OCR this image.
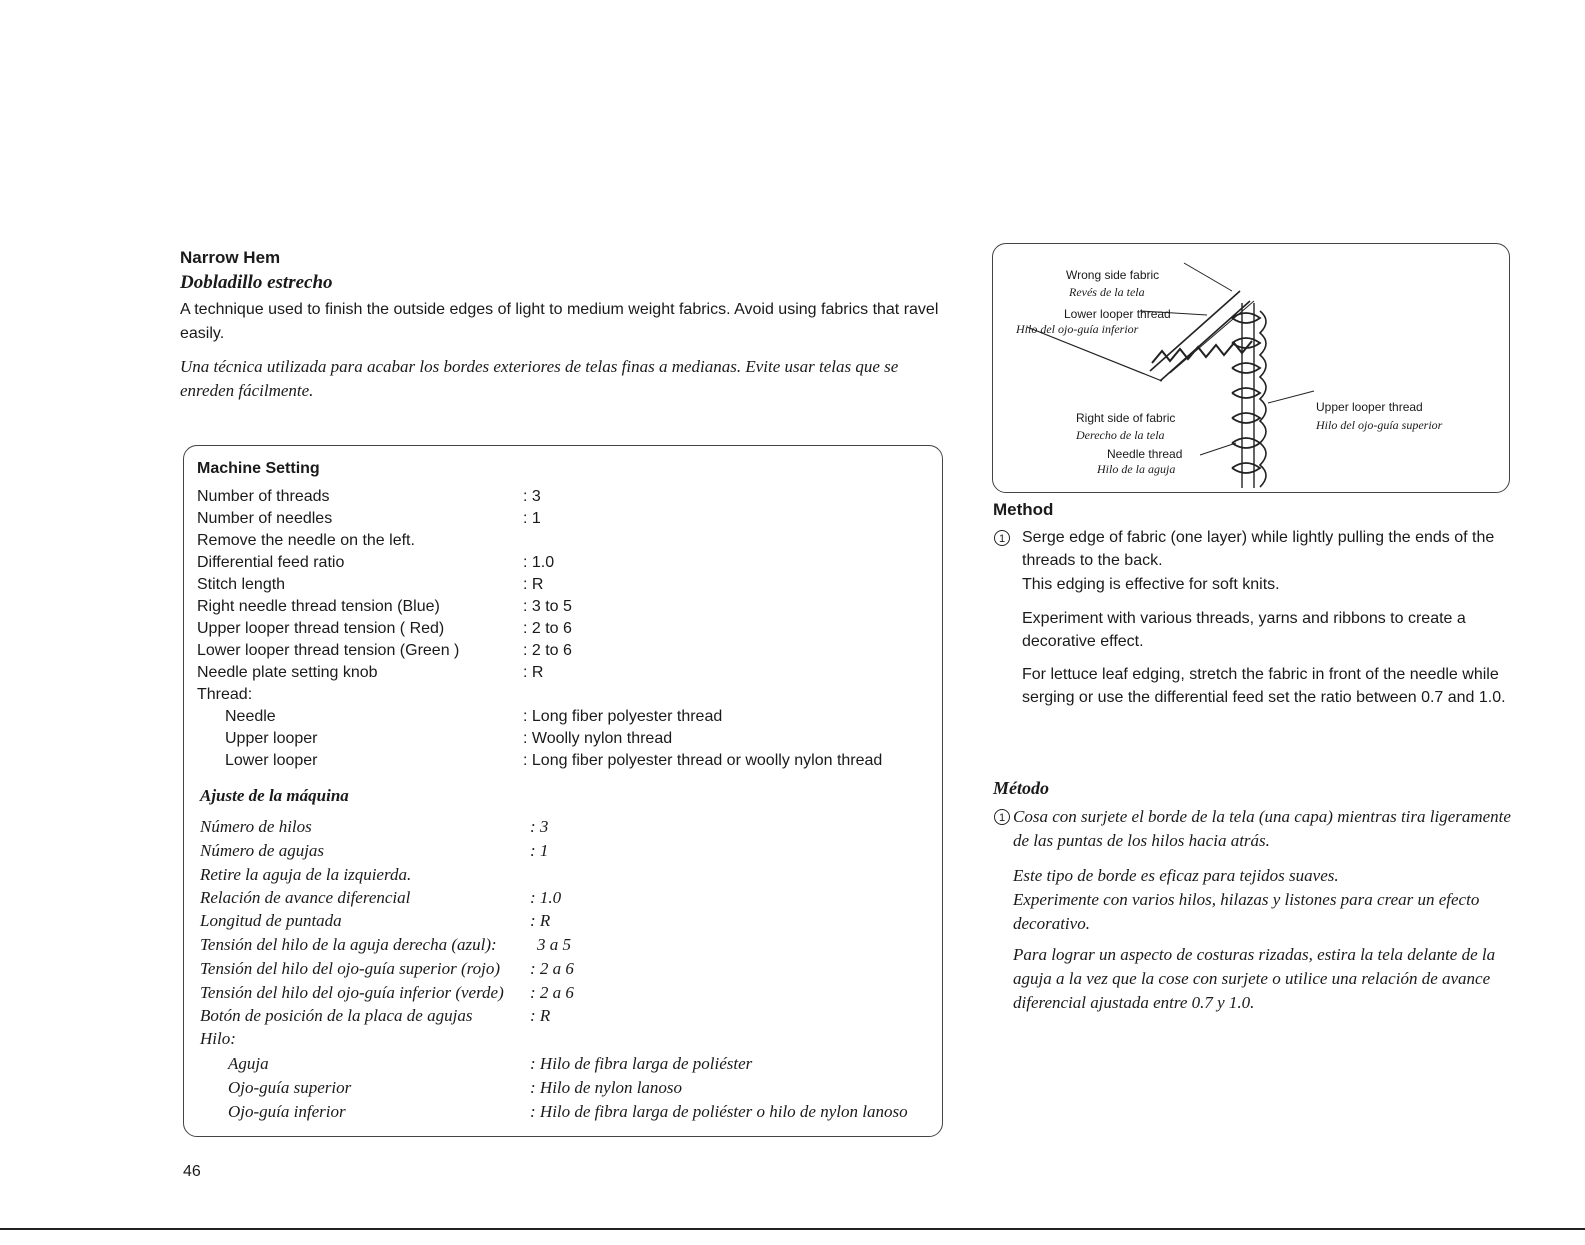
Narrow Hem
Dobladillo estrecho
A technique used to finish the outside edges of light to medium weight fabrics. Avoid using fabrics that ravel easily.
Una técnica utilizada para acabar los bordes exteriores de telas finas a medianas. Evite usar telas que se enreden fácilmente.
Machine Setting
Number of threads	: 3
Number of needles	: 1
Remove the needle on the left.
Differential feed ratio	: 1.0
Stitch length	: R
Right needle thread tension (Blue)	: 3 to 5
Upper looper thread tension ( Red)	: 2 to 6
Lower looper thread tension (Green )	: 2 to 6
Needle plate setting knob	: R
Thread:
Needle	: Long fiber polyester thread
Upper looper	: Woolly nylon thread
Lower looper	: Long fiber polyester thread or woolly nylon thread
Ajuste de la máquina
Número de hilos	: 3
Número de agujas	: 1
Retire la aguja de la izquierda.
Relación de avance diferencial	: 1.0
Longitud de puntada	: R
Tensión del hilo de la aguja derecha (azul): 3 a 5
Tensión del hilo del ojo-guía superior (rojo) : 2 a 6
Tensión del hilo del ojo-guía inferior (verde) : 2 a 6
Botón de posición de la placa de agujas	: R
Hilo:
Aguja	: Hilo de fibra larga de poliéster
Ojo-guía superior	: Hilo de nylon lanoso
Ojo-guía inferior	: Hilo de fibra larga de poliéster o hilo de nylon lanoso
Wrong side fabric
Revés de la tela
Lower looper thread
Hilo del ojo-guía inferior
Right side of fabric
Derecho de la tela
Needle thread
Hilo de la aguja
Upper looper thread
Hilo del ojo-guía superior
Method
1	Serge edge of fabric (one layer) while lightly pulling the ends of the threads to the back.
This edging is effective for soft knits.
Experiment with various threads, yarns and ribbons to create a decorative effect.
For lettuce leaf edging, stretch the fabric in front of the needle while serging or use the differential feed set the ratio between 0.7 and 1.0.
Método
1 Cosa con surjete el borde de la tela (una capa) mientras tira ligeramente de las puntas de los hilos hacia atrás.
Este tipo de borde es eficaz para tejidos suaves.
Experimente con varios hilos, hilazas y listones para crear un efecto decorativo.
Para lograr un aspecto de costuras rizadas, estira la tela delante de la aguja a la vez que la cose con surjete o utilice una relación de avance diferencial ajustada entre 0.7 y 1.0.
46
